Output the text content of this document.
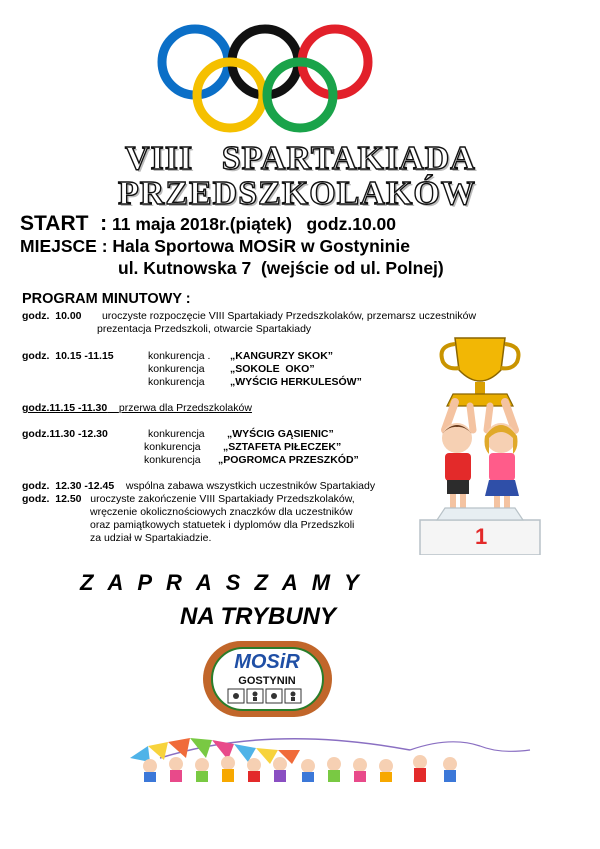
VIII   SPARTAKIADA

PRZEDSZKOLAKÓW

START  : 11 maja 2018r.(piątek)   godz.10.00

MIEJSCE : Hala Sportowa MOSiR w Gostyninie

ul. Kutnowska 7  (wejście od ul. Polnej)

PROGRAM MINUTOWY :

godz.  10.00 uroczyste rozpoczęcie VIII Spartakiady Przedszkolaków, przemarsz uczestników

prezentacja Przedszkoli, otwarcie Spartakiady

godz.  10.15 -11.15	konkurencja . „KANGURZY SKOK”

konkurencja „SOKOLE  OKO”

konkurencja „WYŚCIG HERKULESÓW”

godz.11.15 -11.30 przerwa dla Przedszkolaków

godz.11.30 -12.30	konkurencja „WYŚCIG GĄSIENIC”

konkurencja „SZTAFETA PIŁECZEK”

konkurencja „POGROMCA PRZESZKÓD”

godz.  12.30 -12.45 wspólna zabawa wszystkich uczestników Spartakiady

godz.  12.50 uroczyste zakończenie VIII Spartakiady Przedszkolaków,

wręczenie okolicznościowych znaczków dla uczestników

oraz pamiątkowych statuetek i dyplomów dla Przedszkoli

za udział w Spartakiadzie.	1

ZAPRASZAMY

NA TRYBUNY

MOSiR
GOSTYNIN
